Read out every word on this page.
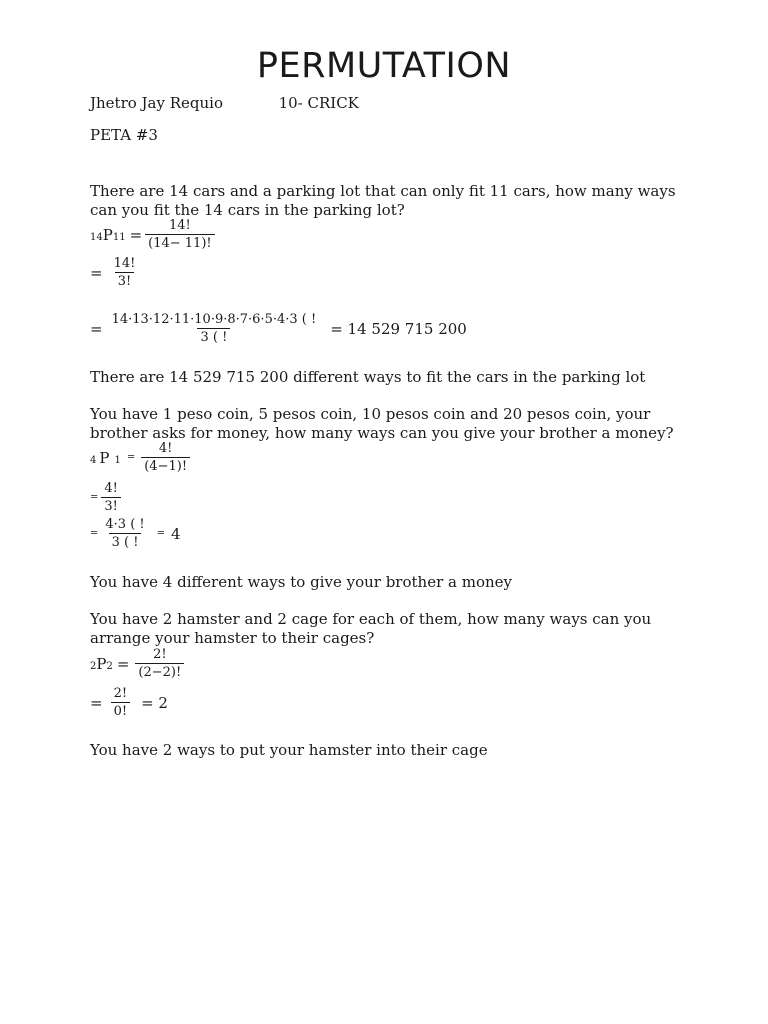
PERMUTATION
Jhetro Jay Requio	10- CRICK
PETA #3
There are 14 cars and a parking lot that can only fit 11 cars, how many ways can you fit the 14 cars in the parking lot?
14 P $11 = \frac{14!}{(14- 11)!}$
= $\frac{14!}{3!}$
= $\frac{14\cdot 13\cdot 12\cdot 11\cdot 10\cdot 9\cdot 8\cdot 7\cdot 6\cdot 5\cdot 4\cdot 3 ( !}{3 ( !} = 14$ 529 715 200
There are 14 529 715 200 different ways to fit the cars in the parking lot
You have 1 peso coin, 5 pesos coin, 10 pesos coin and 20 pesos coin, your brother asks for money, how many ways can you give your brother a money?
4 P $1 = \frac{4!}{(4-1)!}$
= $\frac{4!}{3!}$
= $\frac{4\cdot 3 ( !}{3 ( !} = 4$
You have 4 different ways to give your brother a money
You have 2 hamster and 2 cage for each of them, how many ways can you arrange your hamster to their cages?
2 P $2 = \frac{2!}{(2-2)!}$
= $\frac{2!}{0!} = 2$
You have 2 ways to put your hamster into their cage
